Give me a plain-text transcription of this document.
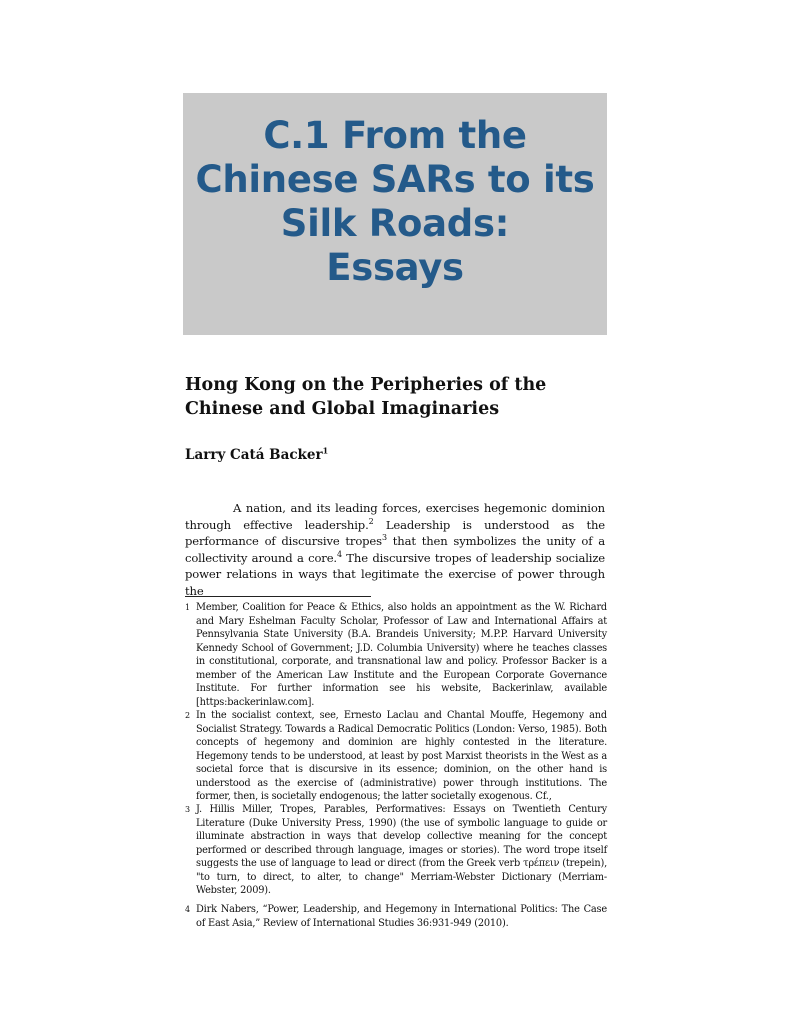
C.1 From the
Chinese SARs to its
Silk Roads:
Essays
Hong Kong on the Peripheries of the Chinese and Global Imaginaries

Larry Catá Backer$^1$

A nation, and its leading forces, exercises hegemonic dominion through effective leadership.$^2$ Leadership is understood as the performance of discursive tropes$^3$ that then symbolizes the unity of a collectivity around a core.$^4$ The discursive tropes of leadership socialize power relations in ways that legitimate the exercise of power through the

1 Member, Coalition for Peace & Ethics, also holds an appointment as the W. Richard and Mary Eshelman Faculty Scholar, Professor of Law and International Affairs at Pennsylvania State University (B.A. Brandeis University; M.P.P. Harvard University Kennedy School of Government; J.D. Columbia University) where he teaches classes in constitutional, corporate, and transnational law and policy. Professor Backer is a member of the American Law Institute and the European Corporate Governance Institute. For further information see his website, Backerinlaw, available [https:backerinlaw.com].
2 In the socialist context, see, Ernesto Laclau and Chantal Mouffe, Hegemony and Socialist Strategy. Towards a Radical Democratic Politics (London: Verso, 1985). Both concepts of hegemony and dominion are highly contested in the literature. Hegemony tends to be understood, at least by post Marxist theorists in the West as a societal force that is discursive in its essence; dominion, on the other hand is understood as the exercise of (administrative) power through institutions. The former, then, is societally endogenous; the latter societally exogenous. Cf.,
3 J. Hillis Miller, Tropes, Parables, Performatives: Essays on Twentieth Century Literature (Duke University Press, 1990) (the use of symbolic language to guide or illuminate abstraction in ways that develop collective meaning for the concept performed or described through language, images or stories). The word trope itself suggests the use of language to lead or direct (from the Greek verb τρέπειν (trepein), "to turn, to direct, to alter, to change" Merriam-Webster Dictionary (Merriam-Webster, 2009).
4 Dirk Nabers, “Power, Leadership, and Hegemony in International Politics: The Case of East Asia,” Review of International Studies 36:931-949 (2010).
